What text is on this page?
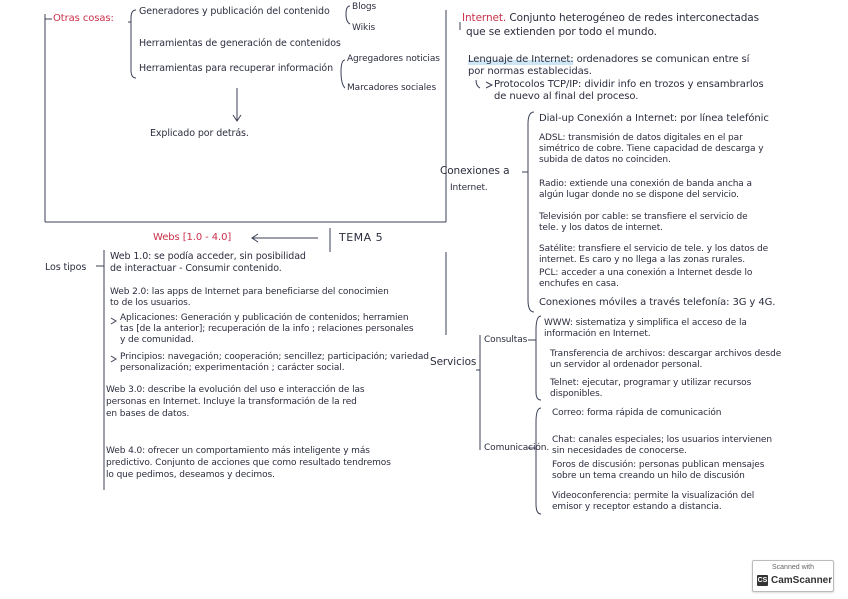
Otras cosas:
Generadores y publicación del contenido Blogs
Wikis
Herramientas de generación de contenidos
Herramientas para recuperar información
Agregadores noticias
Marcadores sociales
Explicado por detrás.
Webs [1.0 - 4.0]	TEMA 5
Los tipos
Web 1.0: se podía acceder, sin posibilidad
de interactuar - Consumir contenido.
Web 2.0: las apps de Internet para beneficiarse del conocimien
to de los usuarios.
Aplicaciones: Generación y publicación de contenidos; herramien
tas [de la anterior]; recuperación de la info ; relaciones personales
y de comunidad.
Principios: navegación; cooperación; sencillez; participación; variedad
personalización; experimentación ; carácter social.
Web 3.0: describe la evolución del uso e interacción de las
personas en Internet. Incluye la transformación de la red
en bases de datos.
Web 4.0: ofrecer un comportamiento más inteligente y más
predictivo. Conjunto de acciones que como resultado tendremos
lo que pedimos, deseamos y decimos.
Internet. Conjunto heterogéneo de redes interconectadas
que se extienden por todo el mundo.
Lenguaje de Internet: ordenadores se comunican entre sí
por normas establecidas.
Protocolos TCP/IP: dividir info en trozos y ensambrarlos
de nuevo al final del proceso.
Conexiones a
Internet.
Dial-up Conexión a Internet: por línea telefónic
ADSL: transmisión de datos digitales en el par
simétrico de cobre. Tiene capacidad de descarga y
subida de datos no coinciden.
Radio: extiende una conexión de banda ancha a
algún lugar donde no se dispone del servicio.
Televisión por cable: se transfiere el servicio de
tele. y los datos de internet.
Satélite: transfiere el servicio de tele. y los datos de
internet. Es caro y no llega a las zonas rurales.
PCL: acceder a una conexión a Internet desde lo
enchufes en casa.
Conexiones móviles a través telefonía: 3G y 4G.
Servicios
Consultas
WWW: sistematiza y simplifica el acceso de la
información en Internet.
Transferencia de archivos: descargar archivos desde
un servidor al ordenador personal.
Telnet: ejecutar, programar y utilizar recursos
disponibles.
Comunicación.
Correo: forma rápida de comunicación
Chat: canales especiales; los usuarios intervienen
sin necesidades de conocerse.
Foros de discusión: personas publican mensajes
sobre un tema creando un hilo de discusión
Videoconferencia: permite la visualización del
emisor y receptor estando a distancia.
Scanned with
CS CamScanner
